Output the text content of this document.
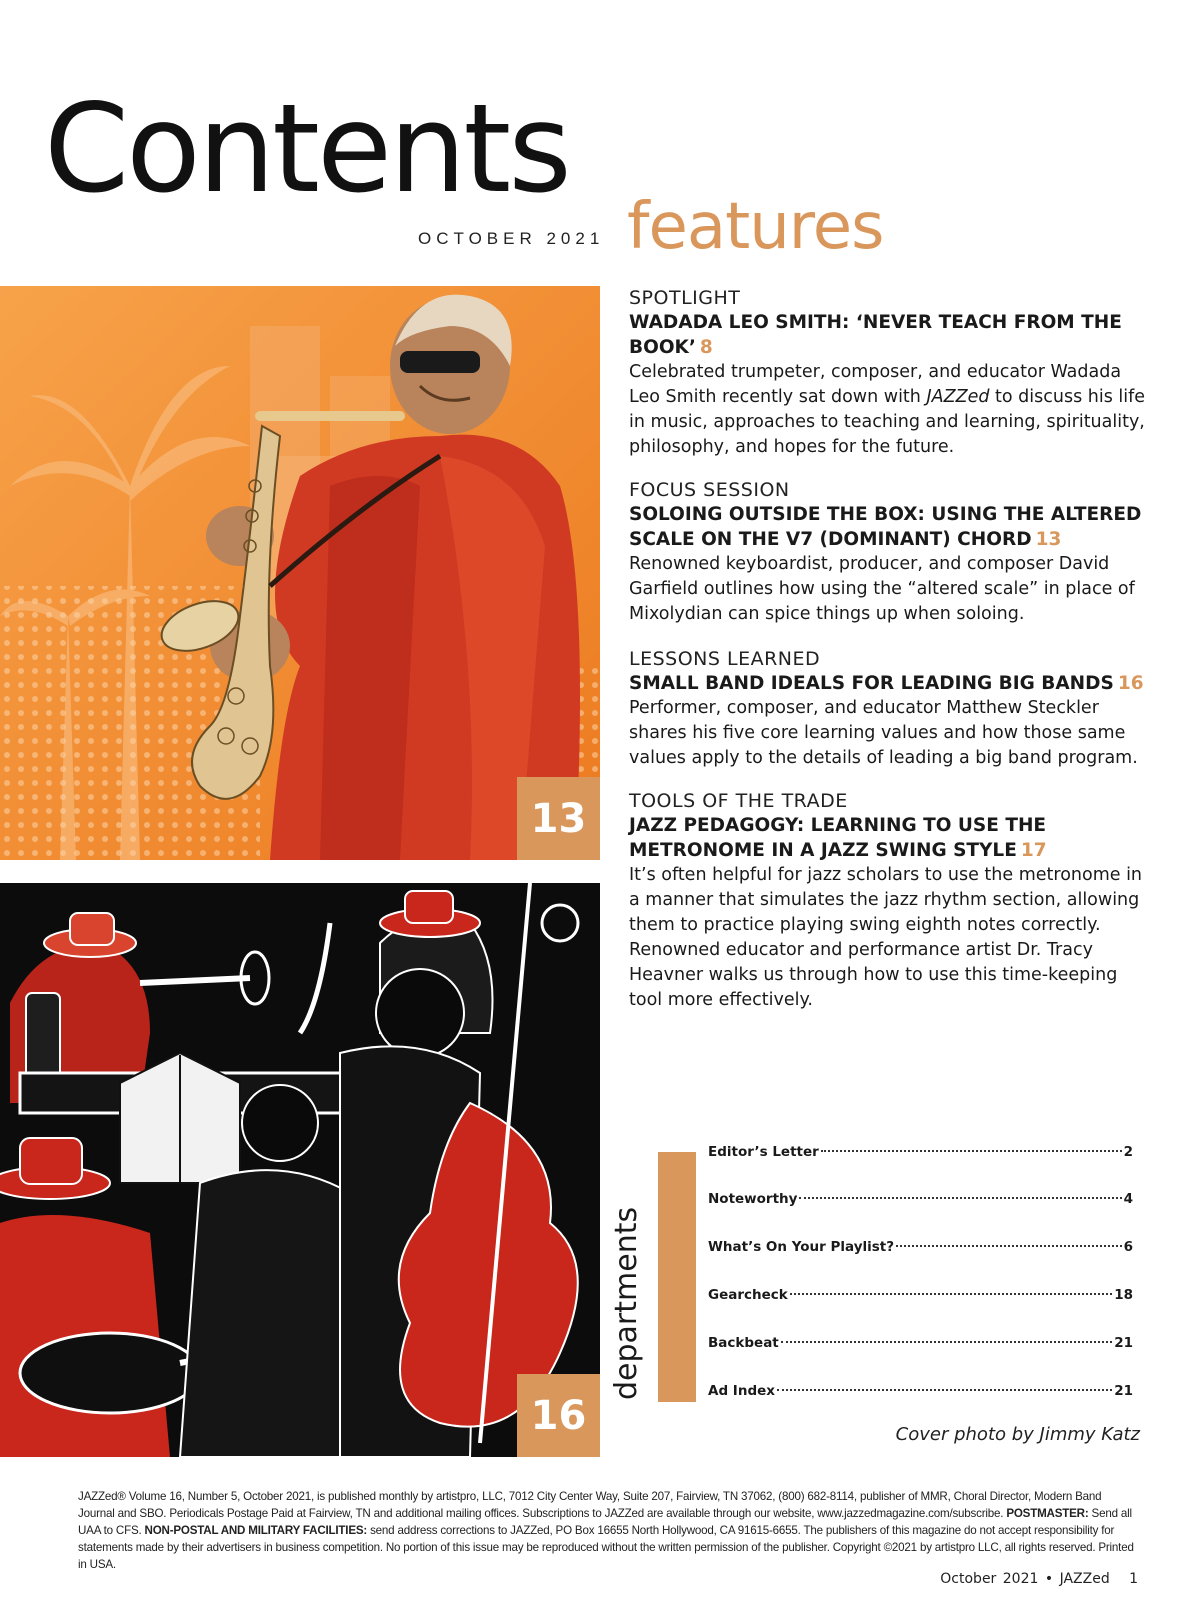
Contents
OCTOBER 2021 features
13
16
SPOTLIGHT
WADADA LEO SMITH: ‘NEVER TEACH FROM THE BOOK’ 8
Celebrated trumpeter, composer, and educator Wadada Leo Smith recently sat down with JAZZed to discuss his life in music, approaches to teaching and learning, spirituality, philosophy, and hopes for the future.
FOCUS SESSION
SOLOING OUTSIDE THE BOX: USING THE ALTERED SCALE ON THE V7 (DOMINANT) CHORD 13
Renowned keyboardist, producer, and composer David Garfield outlines how using the “altered scale” in place of Mixolydian can spice things up when soloing.
LESSONS LEARNED
SMALL BAND IDEALS FOR LEADING BIG BANDS 16
Performer, composer, and educator Matthew Steckler shares his five core learning values and how those same values apply to the details of leading a big band program.
TOOLS OF THE TRADE
JAZZ PEDAGOGY: LEARNING TO USE THE METRONOME IN A JAZZ SWING STYLE 17
It’s often helpful for jazz scholars to use the metronome in a manner that simulates the jazz rhythm section, allowing them to practice playing swing eighth notes correctly. Renowned educator and performance artist Dr. Tracy Heavner walks us through how to use this time-keeping tool more effectively.
departments
Editor’s Letter	2
Noteworthy	4
What’s On Your Playlist?	6
Gearcheck	18
Backbeat	21
Ad Index	21
Cover photo by Jimmy Katz
JAZZed® Volume 16, Number 5, October 2021, is published monthly by artistpro, LLC, 7012 City Center Way, Suite 207, Fairview, TN 37062, (800) 682-8114, publisher of MMR, Choral Director, Modern Band Journal and SBO. Periodicals Postage Paid at Fairview, TN and additional mailing offices. Subscriptions to JAZZed are available through our website, www.jazzedmagazine.com/subscribe. POSTMASTER: Send all UAA to CFS. NON-POSTAL AND MILITARY FACILITIES: send address corrections to JAZZed, PO Box 16655 North Hollywood, CA 91615-6655. The publishers of this magazine do not accept responsibility for statements made by their advertisers in business competition. No portion of this issue may be reproduced without the written permission of the publisher. Copyright ©2021 by artistpro LLC, all rights reserved. Printed in USA.
October 2021 • JAZZed 1
